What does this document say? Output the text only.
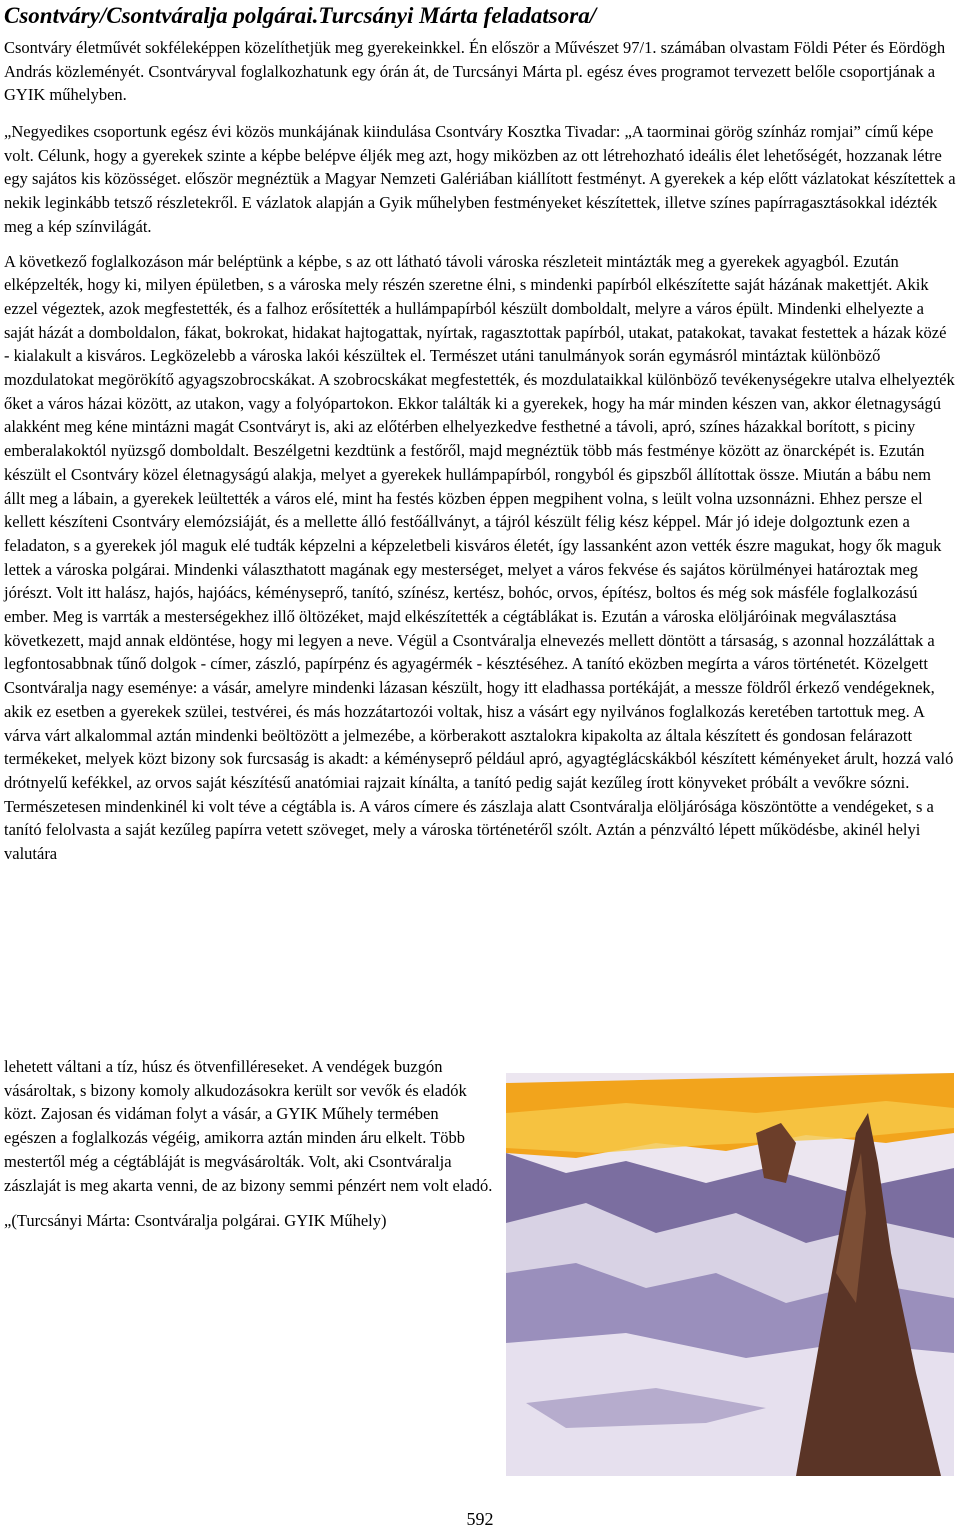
Csontváry/Csontváralja polgárai.Turcsányi Márta feladatsora/

Csontváry életművét sokféleképpen közelíthetjük meg gyerekeinkkel. Én először a Művészet 97/1. számában olvastam Földi Péter és Eördögh András közleményét. Csontváryval foglalkozhatunk egy órán át, de Turcsányi Márta pl. egész éves programot tervezett belőle csoportjának a GYIK műhelyben.

„Negyedikes csoportunk egész évi közös munkájának kiindulása Csontváry Kosztka Tivadar: „A taorminai görög színház romjai” című képe volt. Célunk, hogy a gyerekek szinte a képbe belépve éljék meg azt, hogy miközben az ott létrehozható ideális élet lehetőségét, hozzanak létre egy sajátos kis közösséget. először megnéztük a Magyar Nemzeti Galériában kiállított festményt. A gyerekek a kép előtt vázlatokat készítettek a nekik leginkább tetsző részletekről. E vázlatok alapján a Gyik műhelyben festményeket készítettek, illetve színes papírragasztásokkal idézték meg a kép színvilágát.

A következő foglalkozáson már beléptünk a képbe, s az ott látható távoli városka részleteit mintázták meg a gyerekek agyagból. Ezután elképzelték, hogy ki, milyen épületben, s a városka mely részén szeretne élni, s mindenki papírból elkészítette saját házának makettjét. Akik ezzel végeztek, azok megfestették, és a falhoz erősítették a hullámpapírból készült domboldalt, melyre a város épült. Mindenki elhelyezte a saját házát a domboldalon, fákat, bokrokat, hidakat hajtogattak, nyírtak, ragasztottak papírból, utakat, patakokat, tavakat festettek a házak közé - kialakult a kisváros. Legközelebb a városka lakói készültek el. Természet utáni tanulmányok során egymásról mintáztak különböző mozdulatokat megörökítő agyagszobrocskákat. A szobrocskákat megfestették, és mozdulataikkal különböző tevékenységekre utalva elhelyezték őket a város házai között, az utakon, vagy a folyópartokon. Ekkor találták ki a gyerekek, hogy ha már minden készen van, akkor életnagyságú alakként meg kéne mintázni magát Csontváryt is, aki az előtérben elhelyezkedve festhetné a távoli, apró, színes házakkal borított, s piciny emberalakoktól nyüzsgő domboldalt. Beszélgetni kezdtünk a festőről, majd megnéztük több más festménye között az önarcképét is. Ezután készült el Csontváry közel életnagyságú alakja, melyet a gyerekek hullámpapírból, rongyból és gipszből állítottak össze. Miután a bábu nem állt meg a lábain, a gyerekek leültették a város elé, mint ha festés közben éppen megpihent volna, s leült volna uzsonnázni. Ehhez persze el kellett készíteni Csontváry elemózsiáját, és a mellette álló festőállványt, a tájról készült félig kész képpel. Már jó ideje dolgoztunk ezen a feladaton, s a gyerekek jól maguk elé tudták képzelni a képzeletbeli kisváros életét, így lassanként azon vették észre magukat, hogy ők maguk lettek a városka polgárai. Mindenki választhatott magának egy mesterséget, melyet a város fekvése és sajátos körülményei határoztak meg jórészt. Volt itt halász, hajós, hajóács, kéményseprő, tanító, színész, kertész, bohóc, orvos, építész, boltos és még sok másféle foglalkozású ember. Meg is varrták a mesterségekhez illő öltözéket, majd elkészítették a cégtáblákat is. Ezután a városka elöljáróinak megválasztása következett, majd annak eldöntése, hogy mi legyen a neve. Végül a Csontváralja elnevezés mellett döntött a társaság, s azonnal hozzáláttak a legfontosabbnak tűnő dolgok - címer, zászló, papírpénz és agyagérmék - késztéséhez. A tanító eközben megírta a város történetét. Közelgett Csontváralja nagy eseménye: a vásár, amelyre mindenki lázasan készült, hogy itt eladhassa portékáját, a messze földről érkező vendégeknek, akik ez esetben a gyerekek szülei, testvérei, és más hozzátartozói voltak, hisz a vásárt egy nyilvános foglalkozás keretében tartottuk meg. A várva várt alkalommal aztán mindenki beöltözött a jelmezébe, a körberakott asztalokra kipakolta az általa készített és gondosan felárazott termékeket, melyek közt bizony sok furcsaság is akadt: a kéményseprő például apró, agyagtéglácskákból készített kéményeket árult, hozzá való drótnyelű kefékkel, az orvos saját készítésű anatómiai rajzait kínálta, a tanító pedig saját kezűleg írott könyveket próbált a vevőkre sózni. Természetesen mindenkinél ki volt téve a cégtábla is. A város címere és zászlaja alatt Csontváralja elöljárósága köszöntötte a vendégeket, s a tanító felolvasta a saját kezűleg papírra vetett szöveget, mely a városka történetéről szólt. Aztán a pénzváltó lépett működésbe, akinél helyi valutára

lehetett váltani a tíz, húsz és ötvenfilléreseket. A vendégek buzgón vásároltak, s bizony komoly alkudozásokra került sor vevők és eladók közt. Zajosan és vidáman folyt a vásár, a GYIK Műhely termében egészen a foglalkozás végéig, amikorra aztán minden áru elkelt. Több mestertől még a cégtábláját is megvásárolták. Volt, aki Csontváralja zászlaját is meg akarta venni, de az bizony semmi pénzért nem volt eladó.

„(Turcsányi Márta: Csontváralja polgárai. GYIK Műhely)

592
